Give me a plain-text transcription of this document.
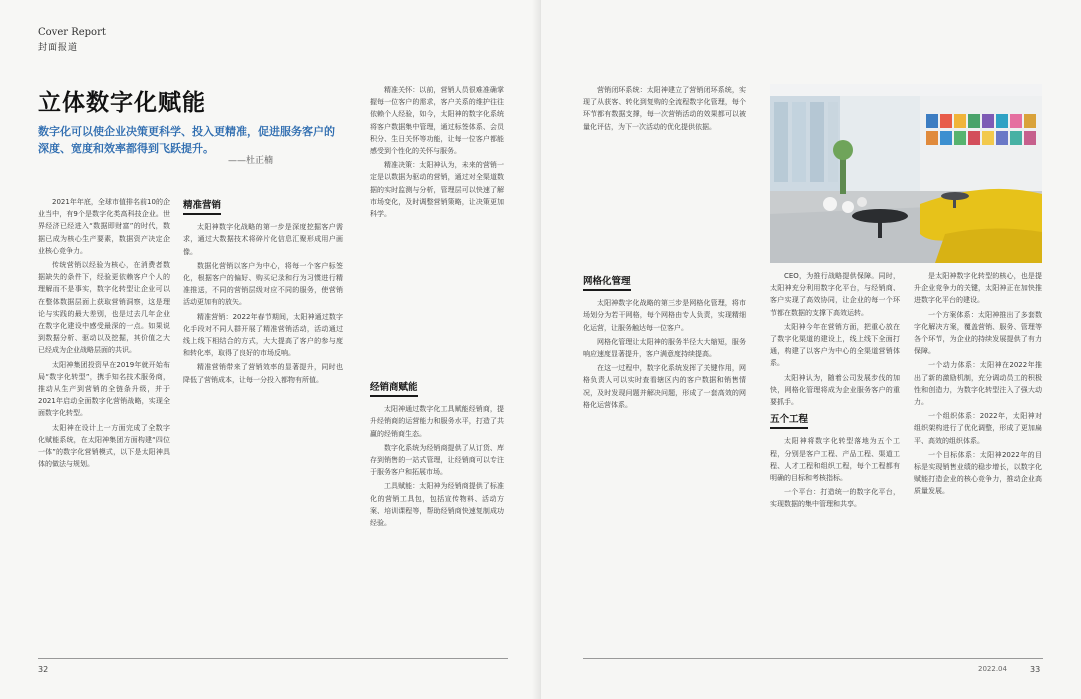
Cover Report
封面报道
立体数字化赋能
数字化可以使企业决策更科学、投入更精准，促进服务客户的深度、宽度和效率都得到飞跃提升。
——杜正楠

2021年年底，全球市值排名前10的企业当中，有9个是数字化类高科技企业。世界经济已经进入“数据即财富”的时代，数据已成为核心生产要素，数据资产决定企业核心竞争力。

传统营销以经验为核心，在消费者数据缺失的条件下，经验更依赖客户个人的理解而不是事实，数字化转型让企业可以在整体数据层面上获取营销洞察，这是理论与实践的最大差别，也是过去几年企业在数字化建设中感受最深的一点。如果说到数据分析、驱动以及挖掘，其价值之大已经成为企业战略层面的共识。

太阳神集团投资早在2019年就开始布局“数字化转型”，携手知名技术服务商，推动从生产到营销的全链条升级，并于2021年启动全面数字化营销战略，实现全面数字化转型。

太阳神在设计上一方面完成了全数字化赋能系统，在太阳神集团方面构建“四位一体”的数字化营销模式，以下是太阳神具体的做法与规划。

精准营销

太阳神数字化战略的第一步是深度挖掘客户需求，通过大数据技术将碎片化信息汇聚形成用户画像。

数据化营销以客户为中心，将每一个客户标签化，根据客户的偏好、购买记录和行为习惯进行精准推送，不同的营销层级对应不同的服务，使营销活动更加有的放矢。

精准营销：2022年春节期间，太阳神通过数字化手段对不同人群开展了精准营销活动，活动通过线上线下相结合的方式，大大提高了客户的参与度和转化率，取得了良好的市场反响。

精准营销带来了营销效率的显著提升，同时也降低了营销成本，让每一分投入都物有所值。

精准关怀：以前，营销人员很难准确掌握每一位客户的需求，客户关系的维护往往依赖个人经验，如今，太阳神的数字化系统将客户数据集中管理，通过标签体系、会员积分、生日关怀等功能，让每一位客户都能感受到个性化的关怀与服务。

精准决策：太阳神认为，未来的营销一定是以数据为驱动的营销，通过对全渠道数据的实时监测与分析，管理层可以快速了解市场变化，及时调整营销策略，让决策更加科学。

经销商赋能

太阳神通过数字化工具赋能经销商，提升经销商的运营能力和服务水平，打造了共赢的经销商生态。

数字化系统为经销商提供了从订货、库存到销售的一站式管理，让经销商可以专注于服务客户和拓展市场。

工具赋能：太阳神为经销商提供了标准化的营销工具包，包括宣传物料、活动方案、培训课程等，帮助经销商快速复制成功经验。

32

营销闭环系统：太阳神建立了营销闭环系统，实现了从获客、转化到复购的全流程数字化管理，每个环节都有数据支撑，每一次营销活动的效果都可以被量化评估，为下一次活动的优化提供依据。

网格化管理

太阳神数字化战略的第三步是网格化管理，将市场划分为若干网格，每个网格由专人负责，实现精细化运营，让服务触达每一位客户。

网格化管理让太阳神的服务半径大大缩短，服务响应速度显著提升，客户满意度持续提高。

在这一过程中，数字化系统发挥了关键作用，网格负责人可以实时查看辖区内的客户数据和销售情况，及时发现问题并解决问题，形成了一套高效的网格化运营体系。

CEO，为推行战略提供保障。同时，太阳神充分利用数字化平台，与经销商、客户实现了高效协同，让企业的每一个环节都在数据的支撑下高效运转。

太阳神今年在营销方面，把重心放在了数字化渠道的建设上，线上线下全面打通，构建了以客户为中心的全渠道营销体系。

太阳神认为，随着公司发展步伐的加快，网格化管理将成为企业服务客户的重要抓手。

五个工程

太阳神将数字化转型落地为五个工程，分别是客户工程、产品工程、渠道工程、人才工程和组织工程，每个工程都有明确的目标和考核指标。

一个平台：打造统一的数字化平台，实现数据的集中管理和共享。

是太阳神数字化转型的核心，也是提升企业竞争力的关键，太阳神正在加快推进数字化平台的建设。

一个方案体系：太阳神推出了多套数字化解决方案，覆盖营销、服务、管理等各个环节，为企业的持续发展提供了有力保障。

一个动力体系：太阳神在2022年推出了新的激励机制，充分调动员工的积极性和创造力，为数字化转型注入了强大动力。

一个组织体系：2022年，太阳神对组织架构进行了优化调整，形成了更加扁平、高效的组织体系。

一个目标体系：太阳神2022年的目标是实现销售业绩的稳步增长，以数字化赋能打造企业的核心竞争力，推动企业高质量发展。

2022.04	33
